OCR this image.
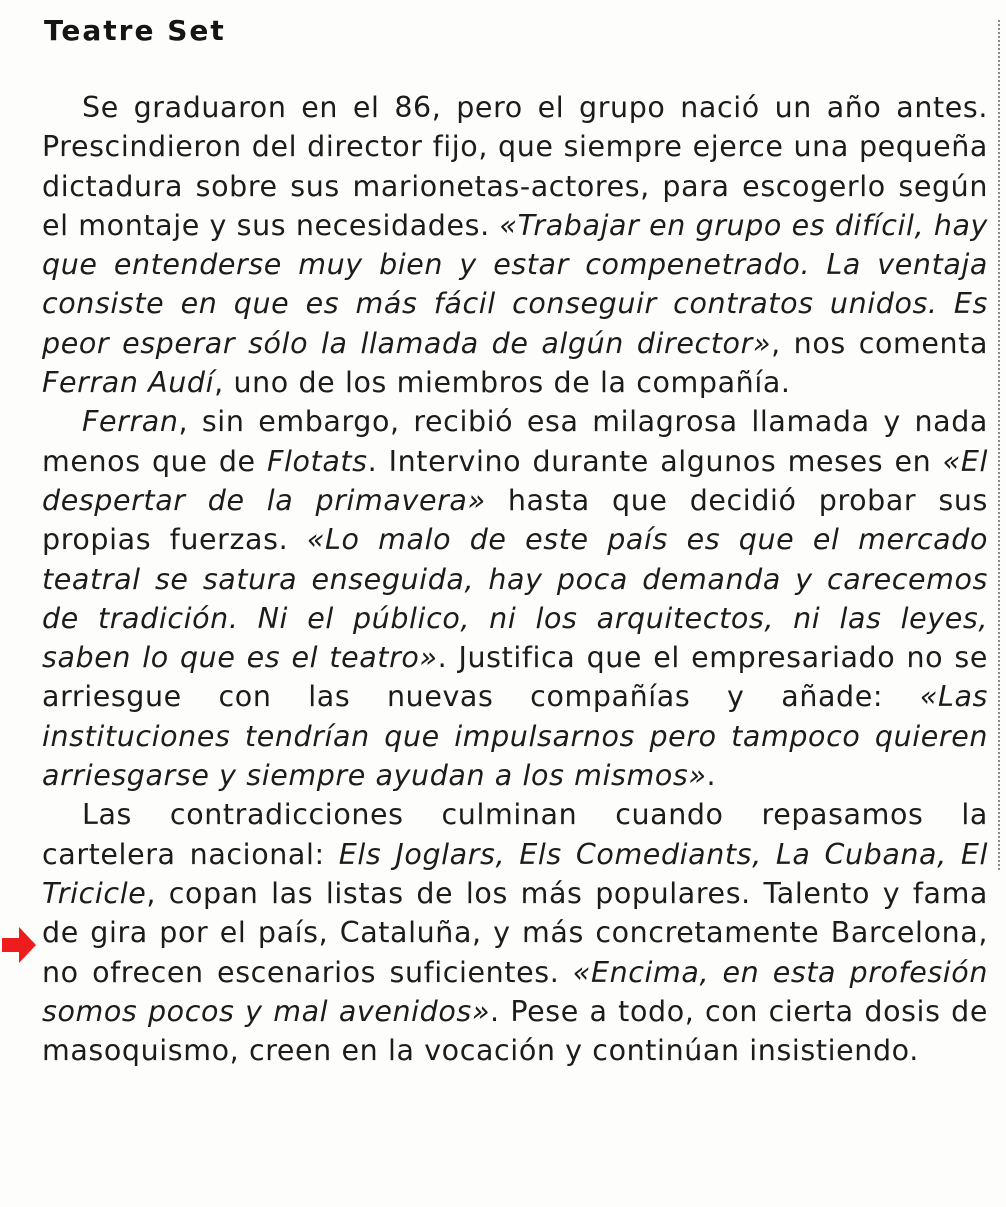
Teatre Set

Se graduaron en el 86, pero el grupo nació un año antes. Prescindieron del director fijo, que siempre ejerce una pequeña dictadura sobre sus marionetas-actores, para escogerlo según el montaje y sus necesidades. «Trabajar en grupo es difícil, hay que entenderse muy bien y estar compenetrado. La ventaja consiste en que es más fácil conseguir contratos unidos. Es peor esperar sólo la llamada de algún director», nos comenta Ferran Audí, uno de los miembros de la compañía.

Ferran, sin embargo, recibió esa milagrosa llamada y nada menos que de Flotats. Intervino durante algunos meses en «El despertar de la primavera» hasta que decidió probar sus propias fuerzas. «Lo malo de este país es que el mercado teatral se satura enseguida, hay poca demanda y carecemos de tradición. Ni el público, ni los arquitectos, ni las leyes, saben lo que es el teatro». Justifica que el empresariado no se arriesgue con las nuevas compañías y añade: «Las instituciones tendrían que impulsarnos pero tampoco quieren arriesgarse y siempre ayudan a los mismos».

Las contradicciones culminan cuando repasamos la cartelera nacional: Els Joglars, Els Comediants, La Cubana, El Tricicle, copan las listas de los más populares. Talento y fama de gira por el país, Cataluña, y más concretamente Barcelona, no ofrecen escenarios suficientes. «Encima, en esta profesión somos pocos y mal avenidos». Pese a todo, con cierta dosis de masoquismo, creen en la vocación y continúan insistiendo.
